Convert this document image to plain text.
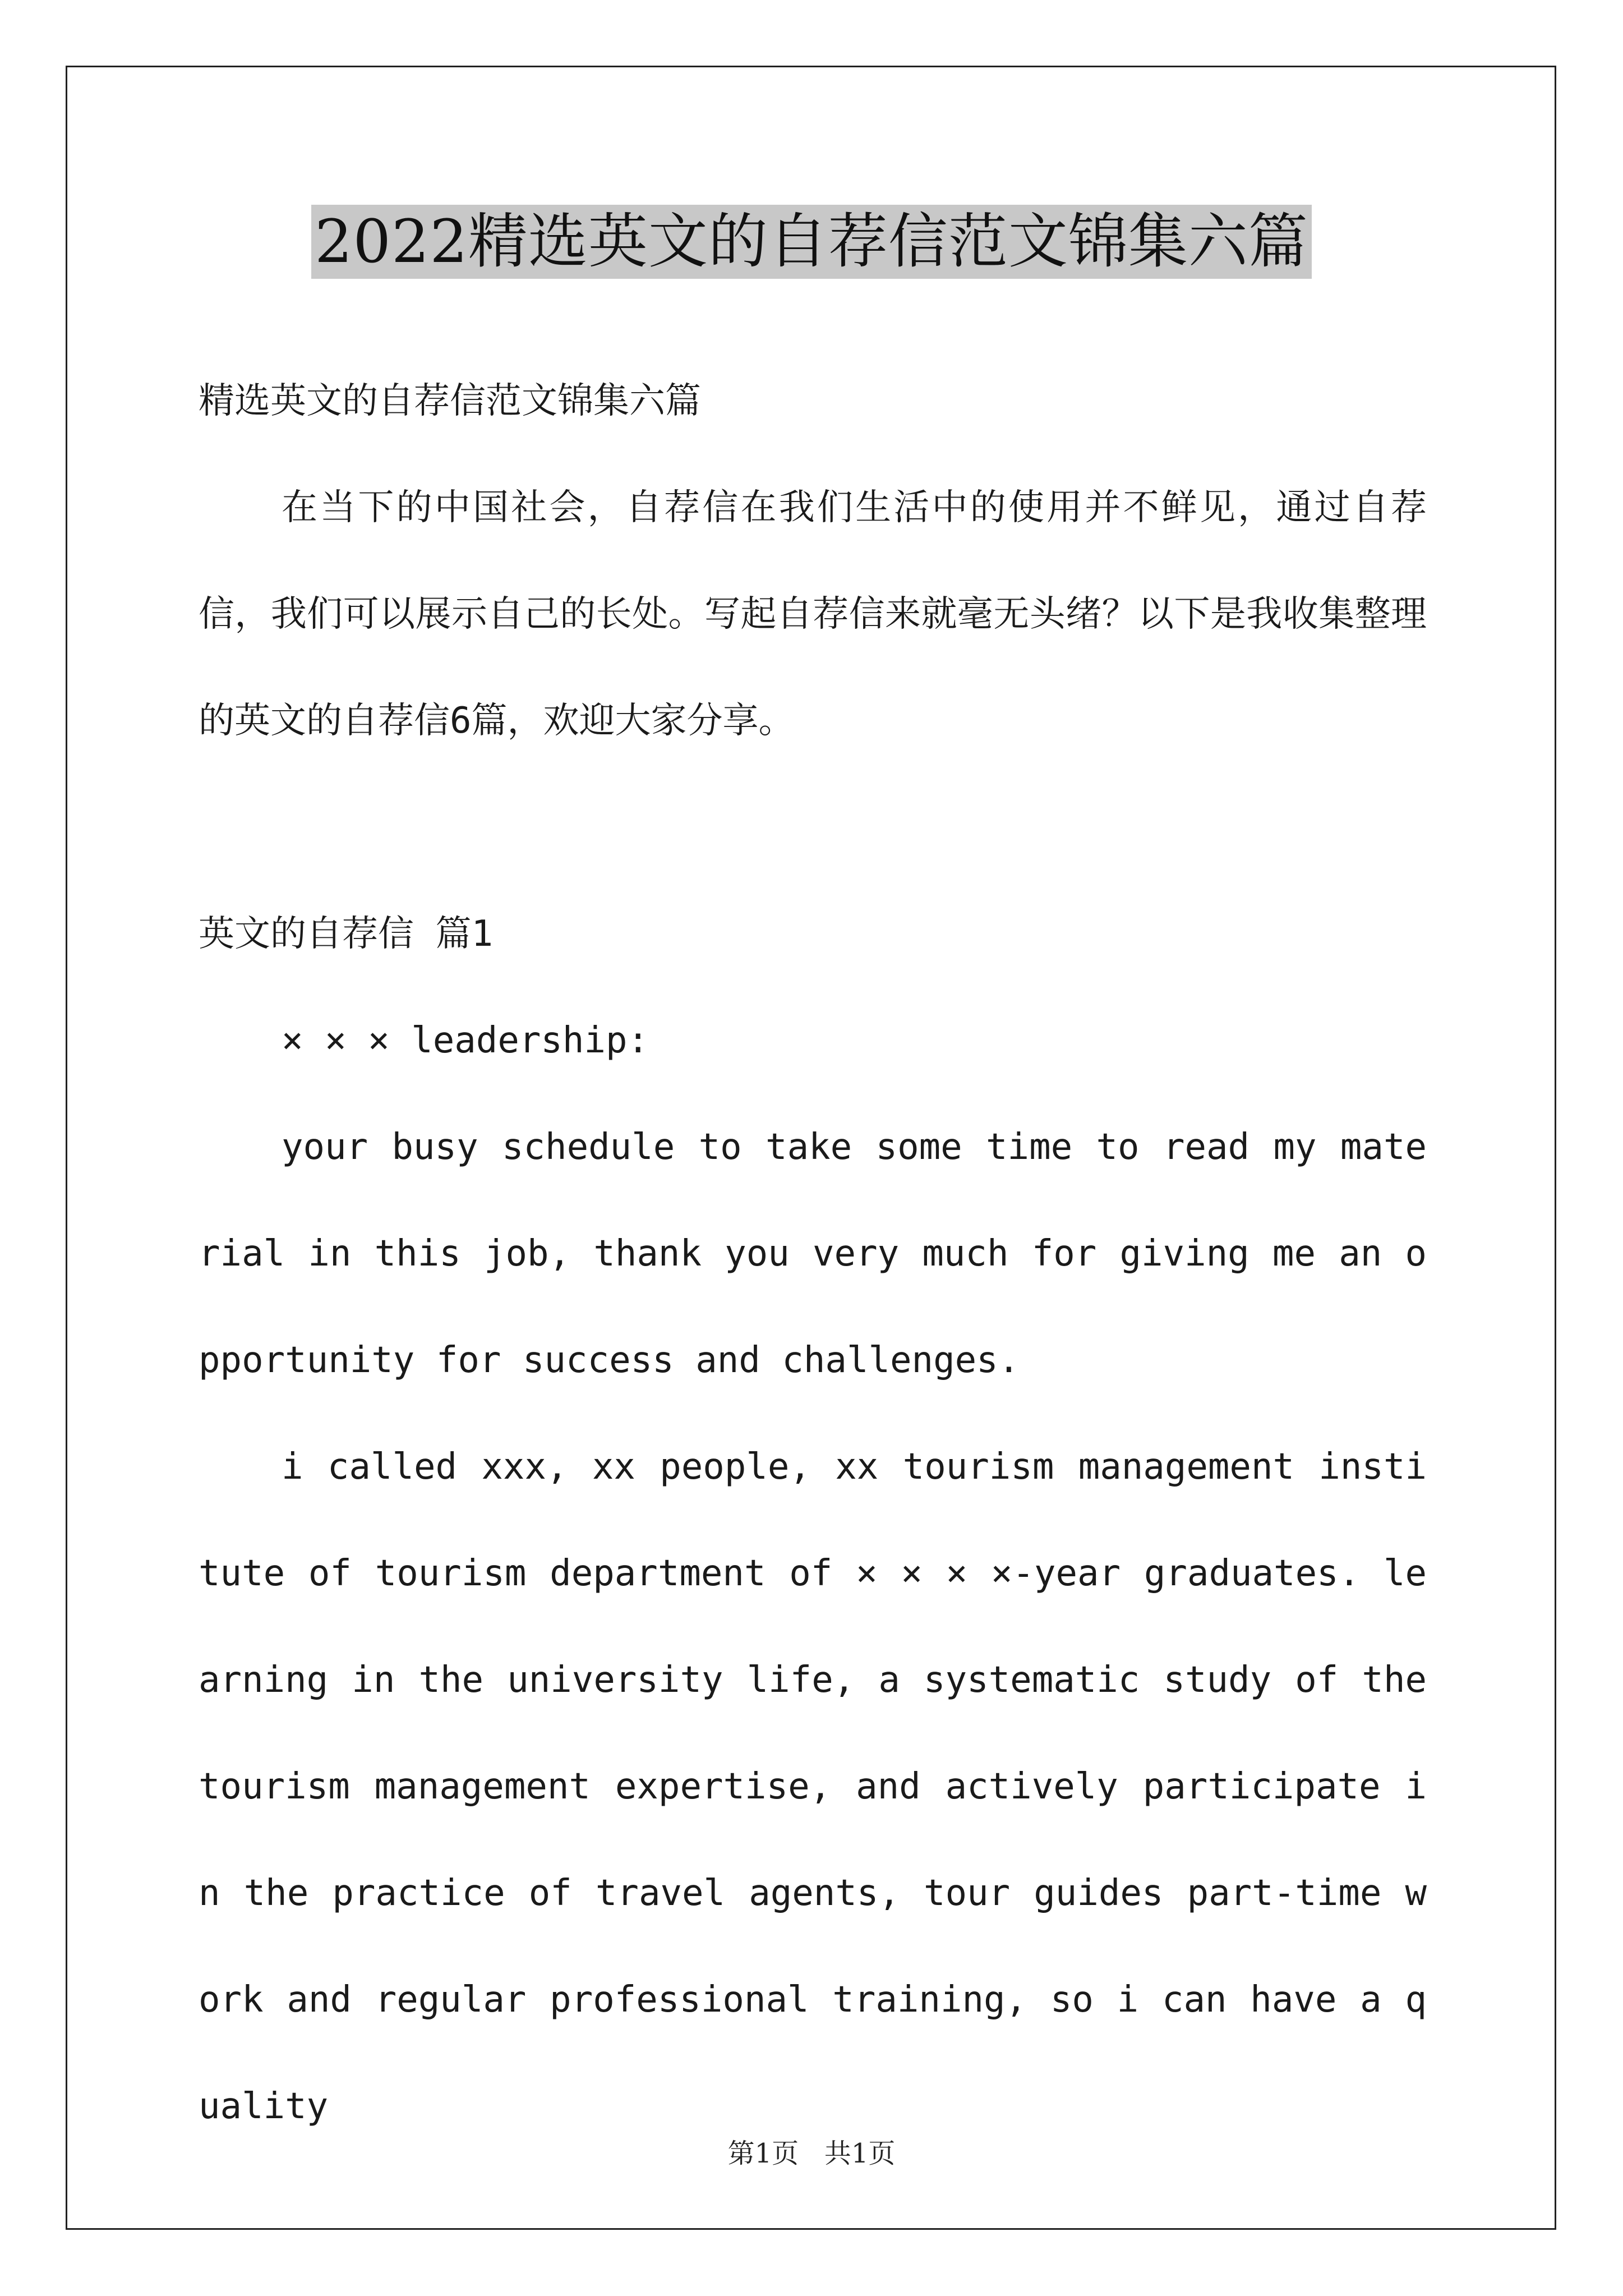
2022精选英文的自荐信范文锦集六篇

精选英文的自荐信范文锦集六篇

在当下的中国社会，自荐信在我们生活中的使用并不鲜见，通过自荐信，我们可以展示自己的长处。写起自荐信来就毫无头绪？以下是我收集整理的英文的自荐信6篇，欢迎大家分享。

英文的自荐信 篇1

× × × leadership:

your busy schedule to take some time to read my material in this job, thank you very much for giving me an opportunity for success and challenges.

i called xxx, xx people, xx tourism management institute of tourism department of × × × ×-year graduates. learning in the university life, a systematic study of the tourism management expertise, and actively participate in the practice of travel agents, tour guides part-time work and regular professional training, so i can have a quality

第1页   共1页
